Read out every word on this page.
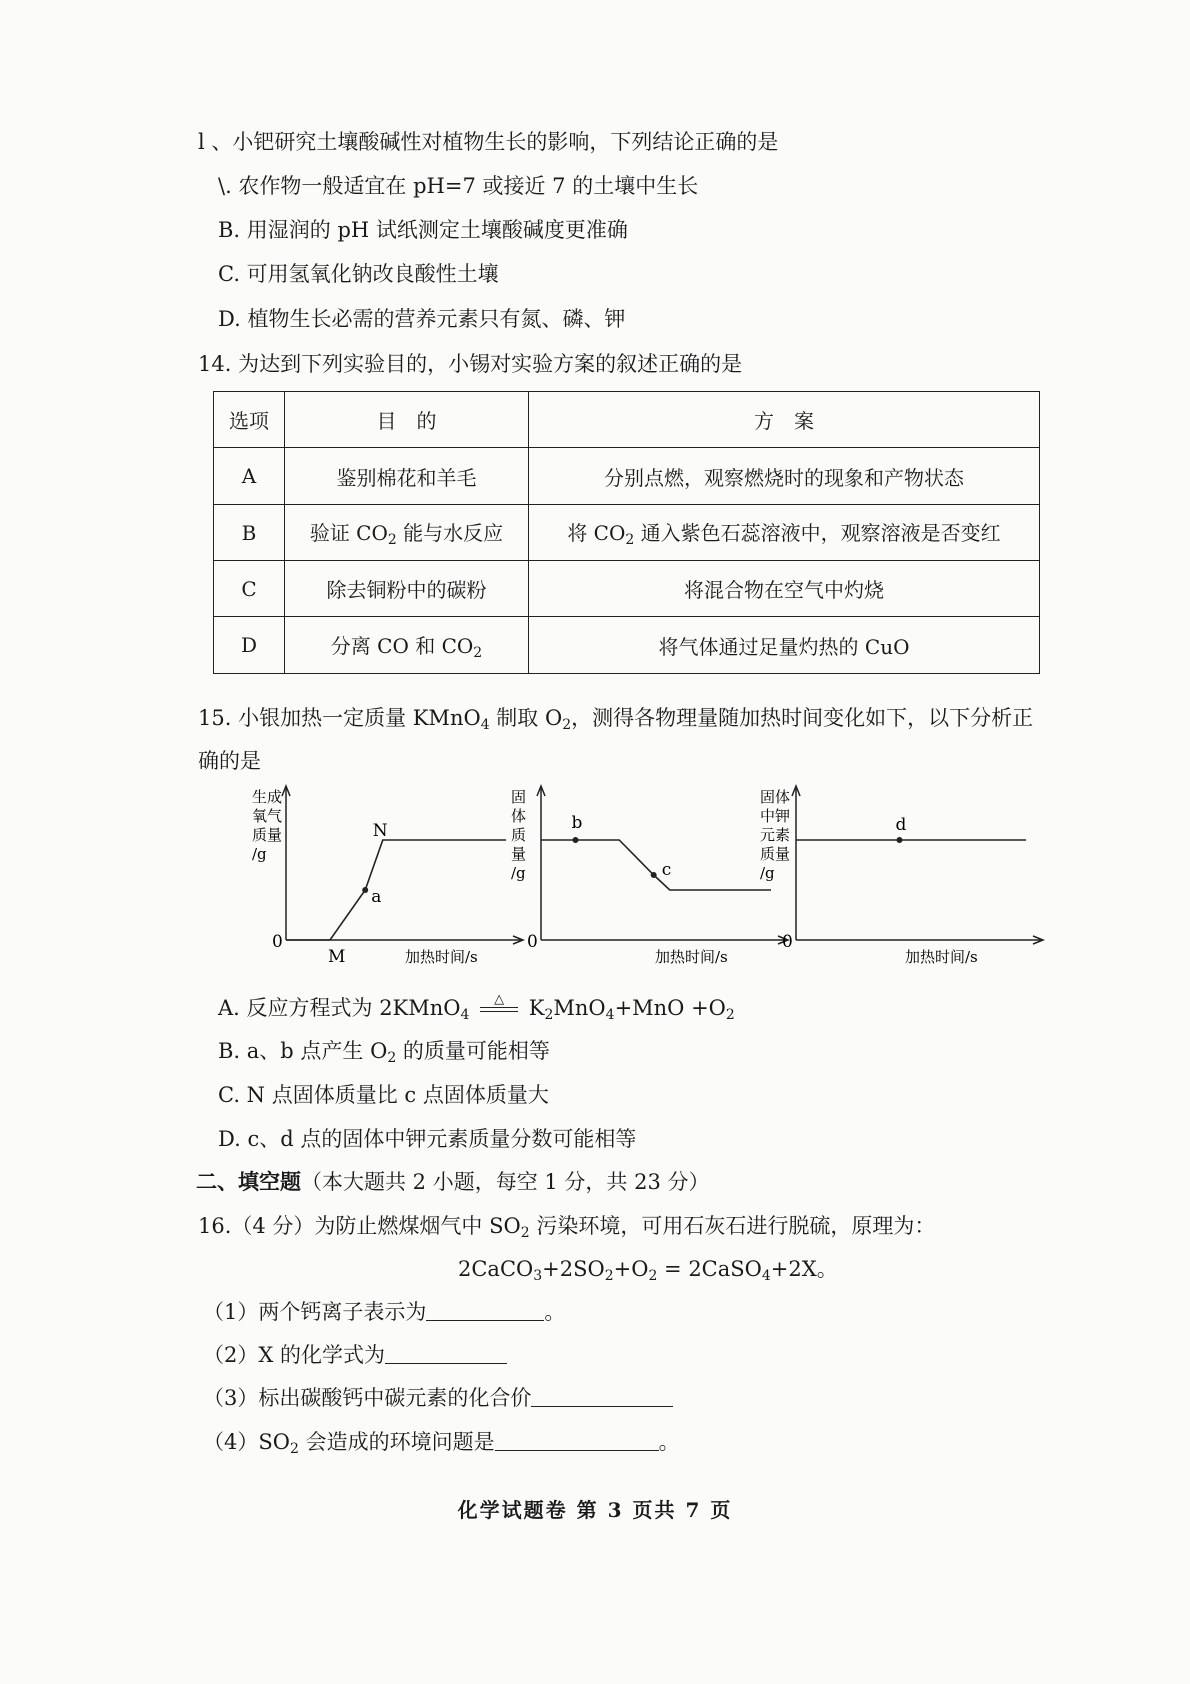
l 、小钯研究土壤酸碱性对植物生长的影响，下列结论正确的是
\. 农作物一般适宜在 pH=7 或接近 7 的土壤中生长
B. 用湿润的 pH 试纸测定土壤酸碱度更准确
C. 可用氢氧化钠改良酸性土壤
D. 植物生长必需的营养元素只有氮、磷、钾
14. 为达到下列实验目的，小锡对实验方案的叙述正确的是
选项	目　的	方　案
A	鉴别棉花和羊毛	分别点燃，观察燃烧时的现象和产物状态
B	验证 $CO_2$ 能与水反应	将 $CO_2$ 通入紫色石蕊溶液中，观察溶液是否变红
C	除去铜粉中的碳粉	将混合物在空气中灼烧
D	分离 CO 和 $CO_2$	将气体通过足量灼热的 CuO
15. 小银加热一定质量 KMnO$_4$ 制取 $O_2$，测得各物理量随加热时间变化如下，以下分析正
确的是
0
加热时间/s
生成
氧气
质量
/g
M
a
N
0
加热时间/s
固
体
质
量
/g
b
c
0
加热时间/s
固体
中钾
元素
质量
/g
d
A. 反应方程式为 2KMnO$_4$
△ $K_2MnO_4+MnO +O_2$
B. a、b 点产生 $O_2$ 的质量可能相等
C. N 点固体质量比 c 点固体质量大
D. c、d 点的固体中钾元素质量分数可能相等
二、填空题（本大题共 2 小题，每空 1 分，共 23 分）
16.（4 分）为防止燃煤烟气中 $SO_2$ 污染环境，可用石灰石进行脱硫，原理为：
$2CaCO_3+2SO_2+O_2$ = 2CaSO$_4$+2X。
（1）两个钙离子表示为	。
（2）X 的化学式为
（3）标出碳酸钙中碳元素的化合价
$(4)SO_2$ 会造成的环境问题是	。
化学试题卷 第 3 页共 7 页
